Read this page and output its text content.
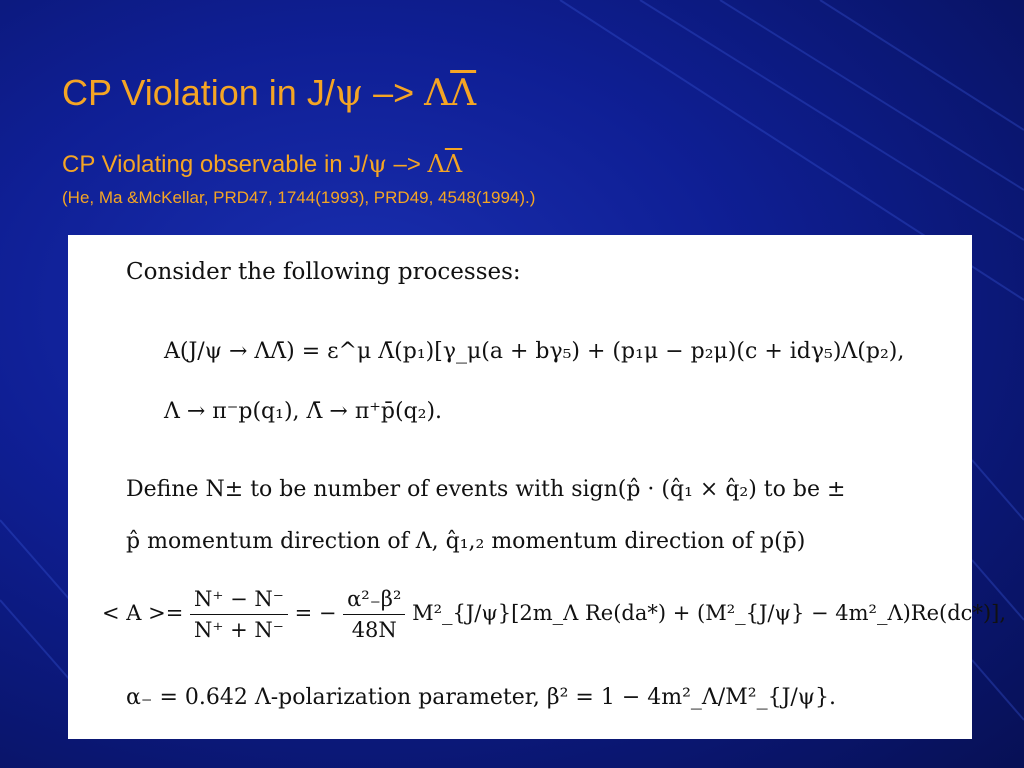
CP Violation in $J/\psi -> \Lambda\overline{\Lambda}$
CP Violating observable in $J/\psi -> \Lambda\overline{\Lambda}$
(He, Ma &McKellar, PRD47, 1744(1993), PRD49, 4548(1994).)
Consider the following processes:
A(J/ψ → ΛΛ̄) = ε^μ Λ̄(p₁)[γ_μ(a + bγ₅) + (p₁μ − p₂μ)(c + idγ₅)Λ(p₂),
Λ → π⁻p(q₁), Λ̄ → π⁺p̄(q₂).
Define N± to be number of events with sign(p̂ · (q̂₁ × q̂₂) to be ±
p̂ momentum direction of Λ, q̂₁,₂ momentum direction of p(p̄)
< $A >= \frac{N^+ - N^-}{N^+ + N^-}$ = − $\frac{\text{α²₋β²}}{48N}$ M²_{J/ψ}[2m_Λ Re(da*) + (M²_{J/ψ} − 4m²_Λ)Re(dc*)],
α₋ = 0.642 Λ-polarization parameter, β² = 1 − 4m²_Λ/M²_{J/ψ}.
